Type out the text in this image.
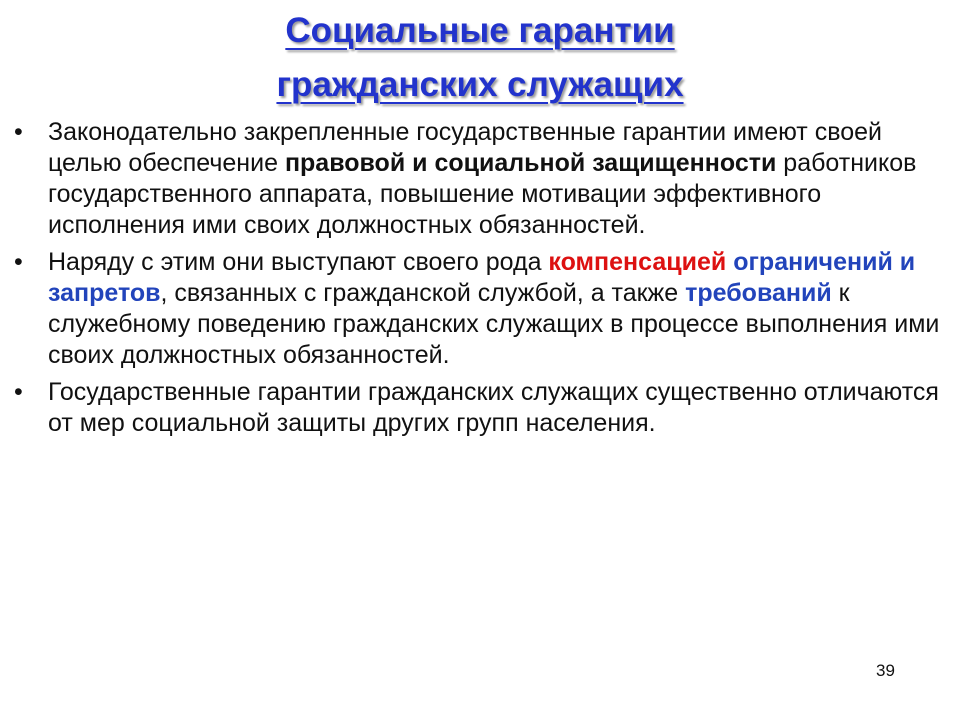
Социальные гарантии
гражданских служащих
• Законодательно закрепленные государственные гарантии имеют своей целью обеспечение правовой и социальной защищенности работников государственного аппарата, повышение мотивации эффективного исполнения ими своих должностных обязанностей.
• Наряду с этим они выступают своего рода компенсацией ограничений и запретов, связанных с гражданской службой, а также требований к служебному поведению гражданских служащих в процессе выполнения ими своих должностных обязанностей.
• Государственные гарантии гражданских служащих существенно отличаются от мер социальной защиты других групп населения.
39
